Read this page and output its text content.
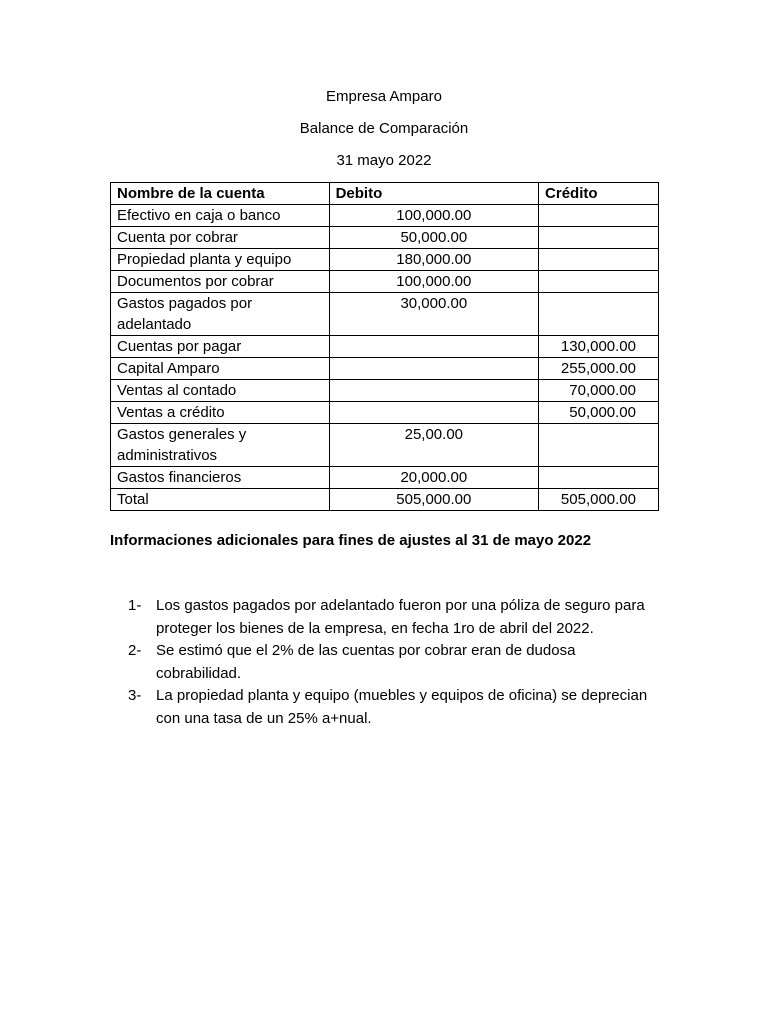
Empresa Amparo
Balance de Comparación
31 mayo 2022
Nombre de la cuenta	Debito	Crédito
Efectivo en caja o banco	100,000.00	
Cuenta por cobrar	50,000.00	
Propiedad planta y equipo	180,000.00	
Documentos por cobrar	100,000.00	
Gastos pagados por adelantado	30,000.00	
Cuentas por pagar		130,000.00
Capital Amparo		255,000.00
Ventas al contado		70,000.00
Ventas a crédito		50,000.00
Gastos generales y administrativos	25,00.00	
Gastos financieros	20,000.00	
Total	505,000.00	505,000.00
Informaciones adicionales para fines de ajustes al 31 de mayo 2022
1- Los gastos pagados por adelantado fueron por una póliza de seguro para proteger los bienes de la empresa, en fecha 1ro de abril del 2022.
2- Se estimó que el 2% de las cuentas por cobrar eran de dudosa cobrabilidad.
3- La propiedad planta y equipo (muebles y equipos de oficina) se deprecian con una tasa de un 25% a+nual.
